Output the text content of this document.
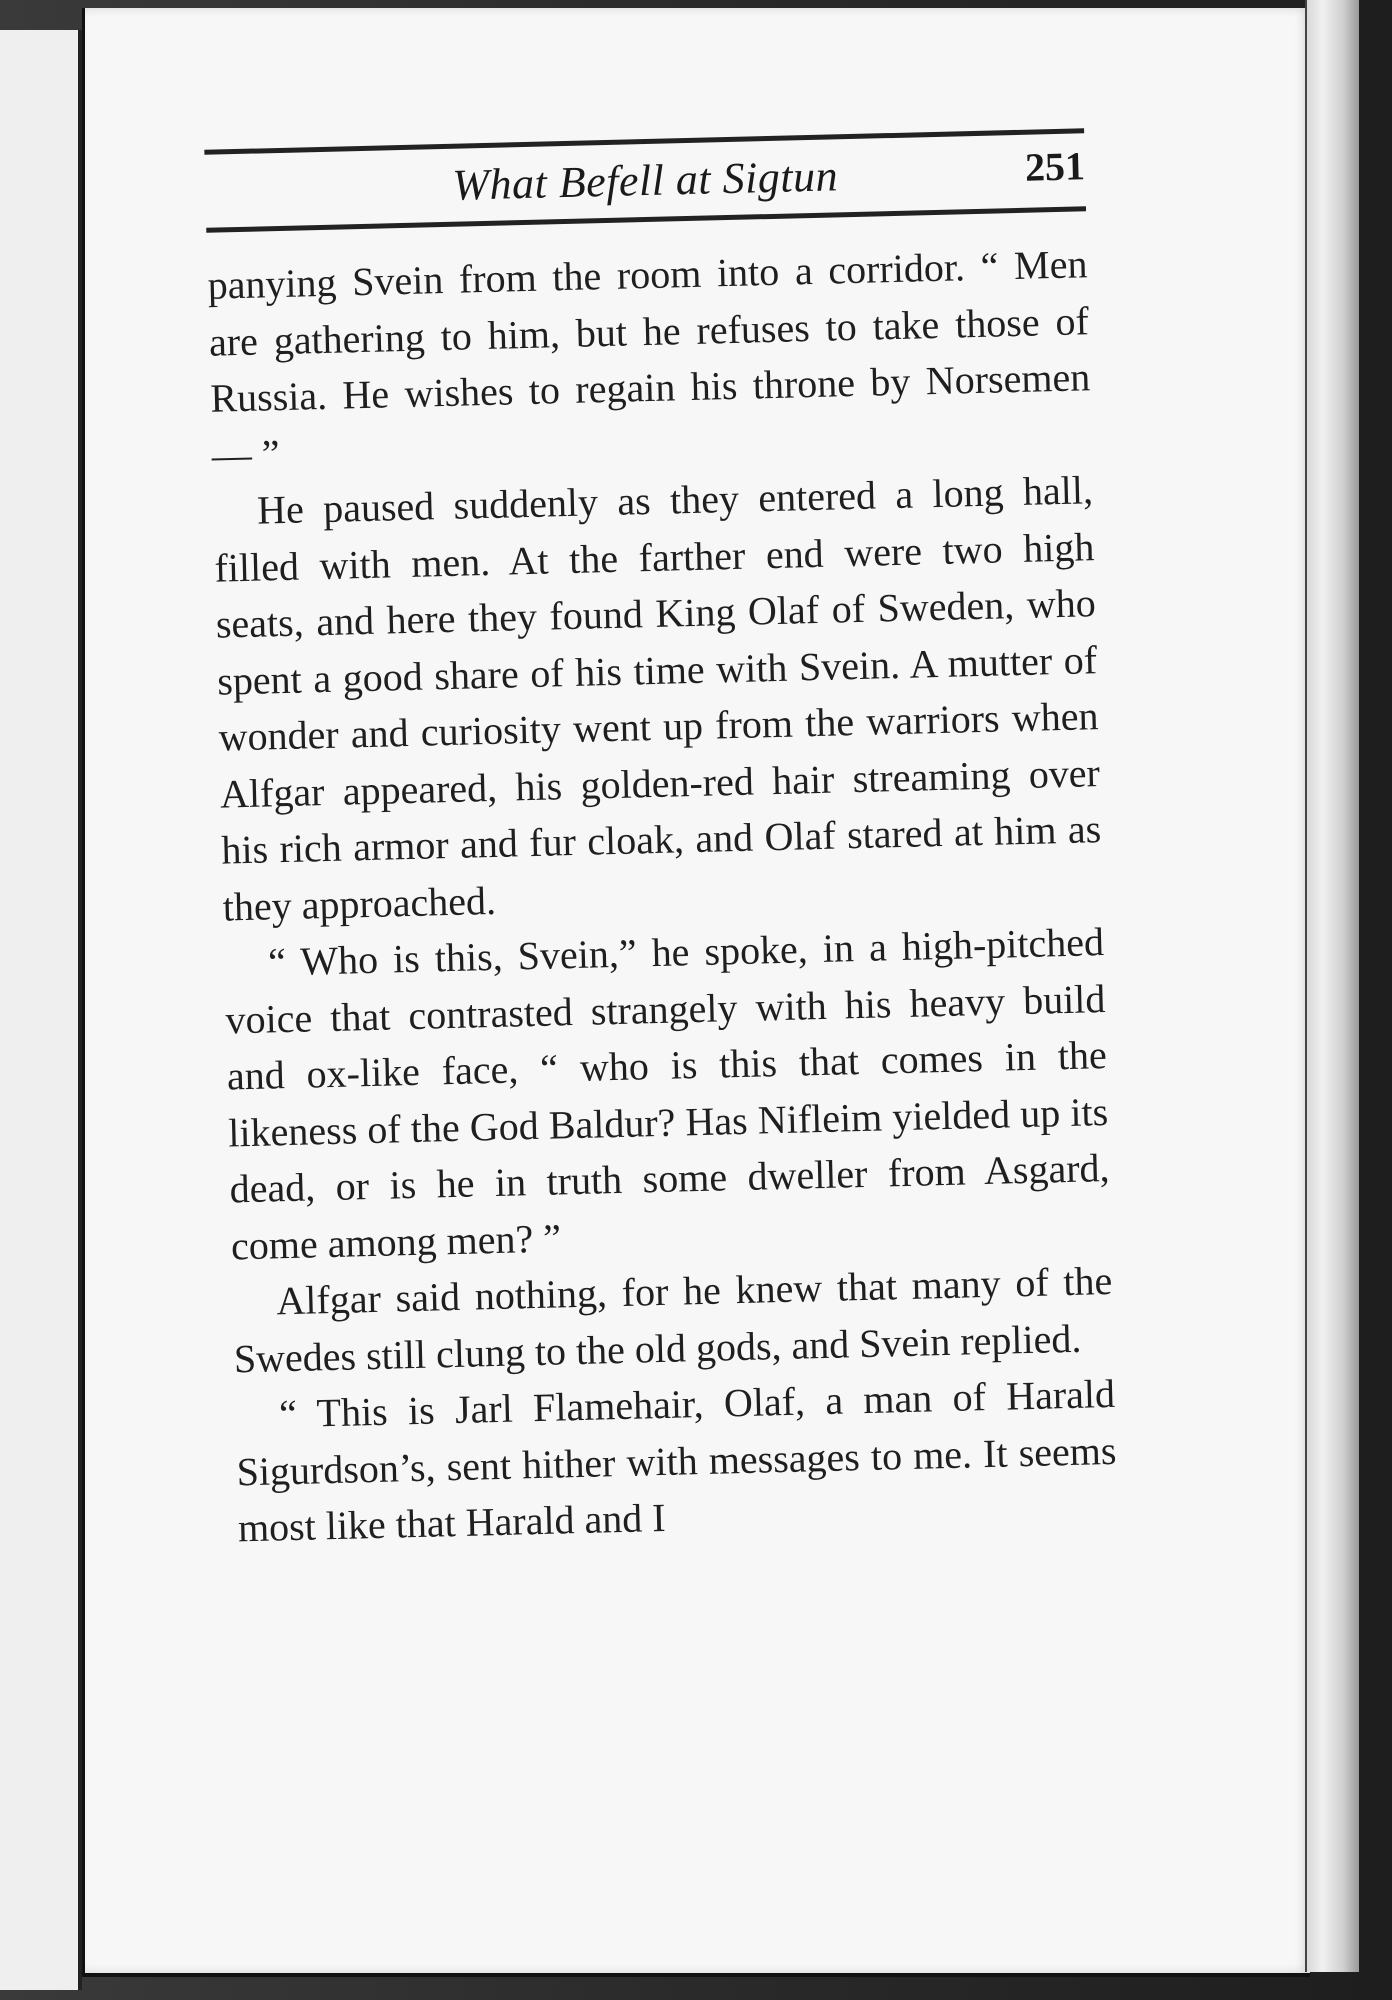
What Befell at Sigtun	251

panying Svein from the room into a corridor. “ Men are gathering to him, but he refuses to take those of Russia. He wishes to regain his throne by Norsemen — ”

He paused suddenly as they entered a long hall, filled with men. At the farther end were two high seats, and here they found King Olaf of Sweden, who spent a good share of his time with Svein. A mutter of wonder and curiosity went up from the warriors when Alfgar appeared, his golden-red hair streaming over his rich armor and fur cloak, and Olaf stared at him as they approached.

“ Who is this, Svein,” he spoke, in a high-pitched voice that contrasted strangely with his heavy build and ox-like face, “ who is this that comes in the likeness of the God Baldur? Has Nifleim yielded up its dead, or is he in truth some dweller from Asgard, come among men? ”

Alfgar said nothing, for he knew that many of the Swedes still clung to the old gods, and Svein replied.

“ This is Jarl Flamehair, Olaf, a man of Harald Sigurdson’s, sent hither with messages to me. It seems most like that Harald and I
